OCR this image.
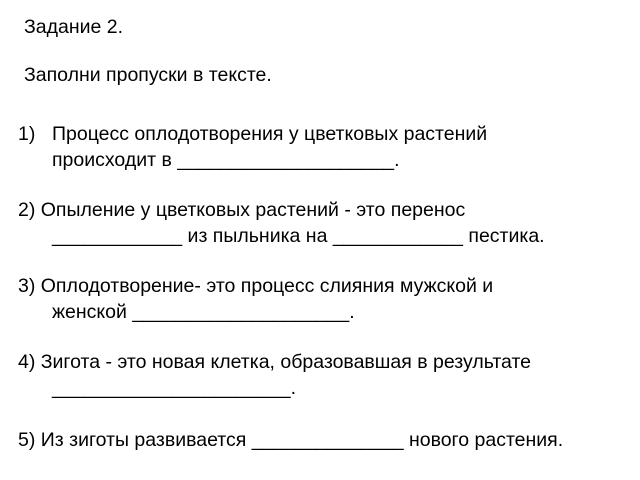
Задание 2.
Заполни пропуски в тексте.
1) Процесс оплодотворения у цветковых растений
происходит в ____________________.
2) Опыление у цветковых растений - это перенос
____________ из пыльника на ____________ пестика.
3) Оплодотворение- это процесс слияния мужской и
женской ____________________.
4) Зигота - это новая клетка, образовавшая в результате
______________________.
5) Из зиготы развивается ______________ нового растения.
